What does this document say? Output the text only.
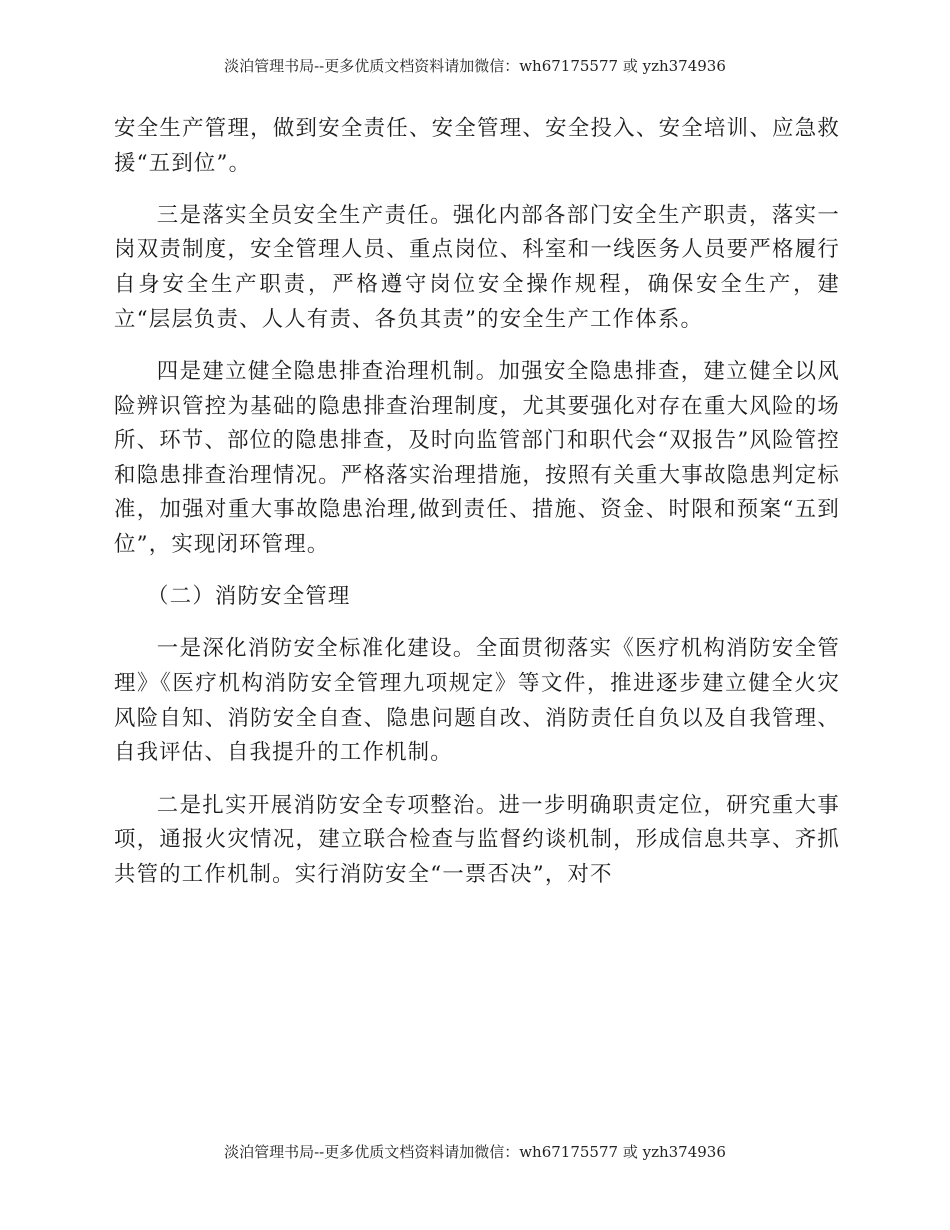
淡泊管理书局--更多优质文档资料请加微信：wh67175577 或 yzh374936

安全生产管理，做到安全责任、安全管理、安全投入、安全培训、应急救援“五到位”。

三是落实全员安全生产责任。强化内部各部门安全生产职责，落实一岗双责制度，安全管理人员、重点岗位、科室和一线医务人员要严格履行自身安全生产职责，严格遵守岗位安全操作规程，确保安全生产，建立“层层负责、人人有责、各负其责”的安全生产工作体系。

四是建立健全隐患排查治理机制。加强安全隐患排查，建立健全以风险辨识管控为基础的隐患排查治理制度，尤其要强化对存在重大风险的场所、环节、部位的隐患排查，及时向监管部门和职代会“双报告”风险管控和隐患排查治理情况。严格落实治理措施，按照有关重大事故隐患判定标准，加强对重大事故隐患治理,做到责任、措施、资金、时限和预案“五到位”，实现闭环管理。

（二）消防安全管理

一是深化消防安全标准化建设。全面贯彻落实《医疗机构消防安全管理》《医疗机构消防安全管理九项规定》等文件，推进逐步建立健全火灾风险自知、消防安全自查、隐患问题自改、消防责任自负以及自我管理、自我评估、自我提升的工作机制。

二是扎实开展消防安全专项整治。进一步明确职责定位，研究重大事项，通报火灾情况，建立联合检查与监督约谈机制，形成信息共享、齐抓共管的工作机制。实行消防安全“一票否决”，对不

淡泊管理书局--更多优质文档资料请加微信：wh67175577 或 yzh374936
